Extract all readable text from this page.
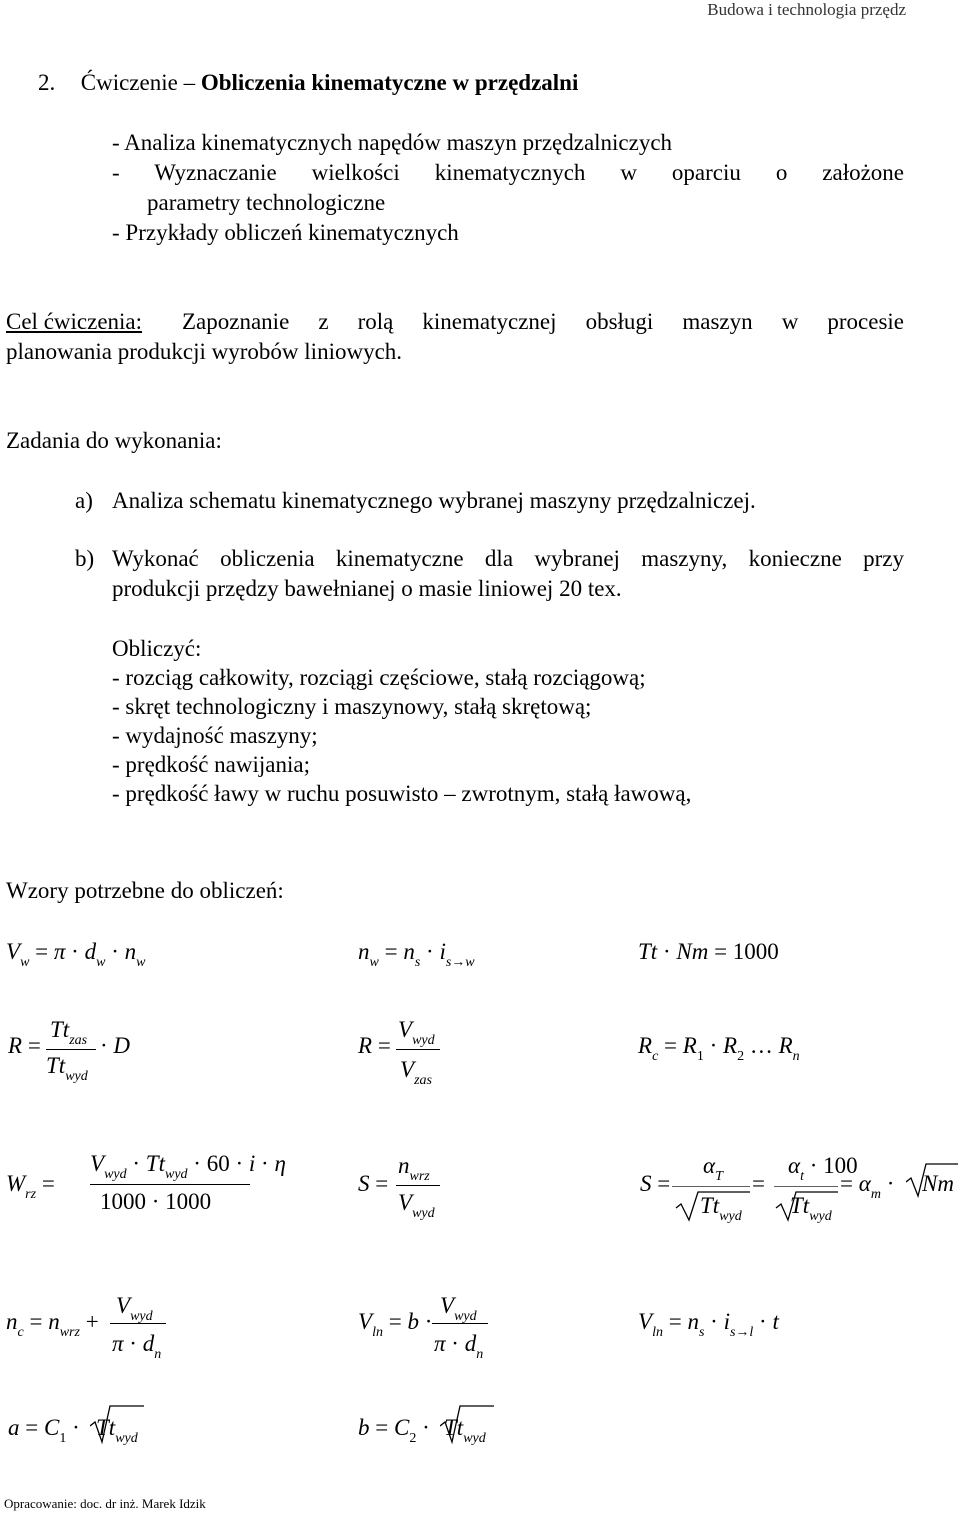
Budowa i technologia przędz
2. Ćwiczenie – Obliczenia kinematyczne w przędzalni
- Analiza kinematycznych napędów maszyn przędzalniczych
- Wyznaczanie wielkości kinematycznych w oparciu o założone
parametry technologiczne
- Przykłady obliczeń kinematycznych
Cel ćwiczenia: Zapoznanie z rolą kinematycznej obsługi maszyn w procesie
planowania produkcji wyrobów liniowych.
Zadania do wykonania:
a) Analiza schematu kinematycznego wybranej maszyny przędzalniczej.
b) Wykonać obliczenia kinematyczne dla wybranej maszyny, konieczne przy
produkcji przędzy bawełnianej o masie liniowej 20 tex.
Obliczyć:
- rozciąg całkowity, rozciągi częściowe, stałą rozciągową;
- skręt technologiczny i maszynowy, stałą skrętową;
- wydajność maszyny;
- prędkość nawijania;
- prędkość ławy w ruchu posuwisto – zwrotnym, stałą ławową,
Wzory potrzebne do obliczeń:
$V_w = \pi \cdot d_w \cdot n_w$	$n_w = n_s \cdot i_{s\to w}$	Tt · Nm = 1000
R =
$Tt_{zas}$
$Tt_{wyd}$
· D	R =
$V_{wyd}$
$V_{zas}$
$R_c = R_1 \cdot R_2$ … $R_n$
$W_{rz}$ =
$V_{wyd} \cdot Tt_{wyd} \cdot 60 \cdot i \cdot \eta$
1000 · 1000
S =
$n_{wrz}$
$V_{wyd}$
S =
$\alpha_T$
$Tt_{wyd}$
=
$\alpha_t \cdot 100$
$Tt_{wyd}$
= $\alpha_m \cdot Nm$
$n_c = n_{wrz}$ +
$V_{wyd}$
$\pi \cdot d_n$
$V_{ln} = b$ ·
$V_{wyd}$
$\pi \cdot d_n$
$V_{ln} = n_s \cdot i_{s\to l} \cdot t$
$a = C_1 \cdot Tt_{wyd}$	$b = C_2 \cdot Tt_{wyd}$
Opracowanie: doc. dr inż. Marek Idzik
